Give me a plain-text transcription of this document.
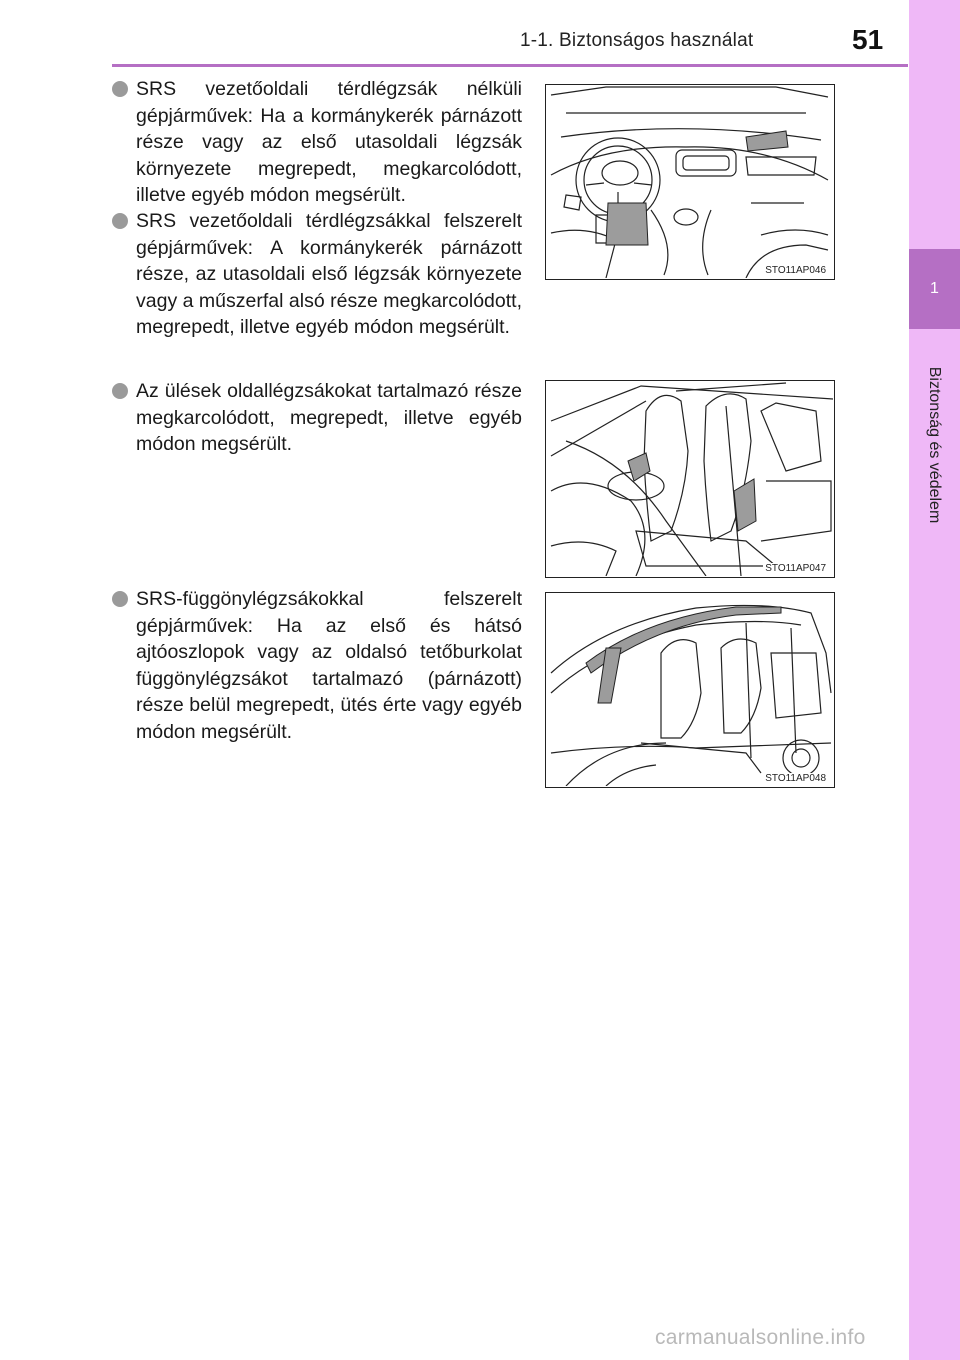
1-1. Biztonságos használat	51
1
Biztonság és védelem
SRS vezetőoldali térdlégzsák nélküli gépjárművek: Ha a kormánykerék párnázott része vagy az első utasoldali légzsák környezete megrepedt, megkarcolódott, illetve egyéb módon megsérült.
SRS vezetőoldali térdlégzsákkal felszerelt gépjárművek: A kormánykerék párnázott része, az utasoldali első légzsák környezete vagy a műszerfal alsó része megkarcolódott, megrepedt, illetve egyéb módon megsérült.
Az ülések oldallégzsákokat tartalmazó része megkarcolódott, megrepedt, illetve egyéb módon megsérült.
SRS-függönylégzsákokkal felszerelt gépjárművek: Ha az első és hátsó ajtóoszlopok vagy az oldalsó tetőburkolat függönylégzsákot tartalmazó (párnázott) része belül megrepedt, ütés érte vagy egyéb módon megsérült.
STO11AP046
STO11AP047
STO11AP048
carmanualsonline.info
